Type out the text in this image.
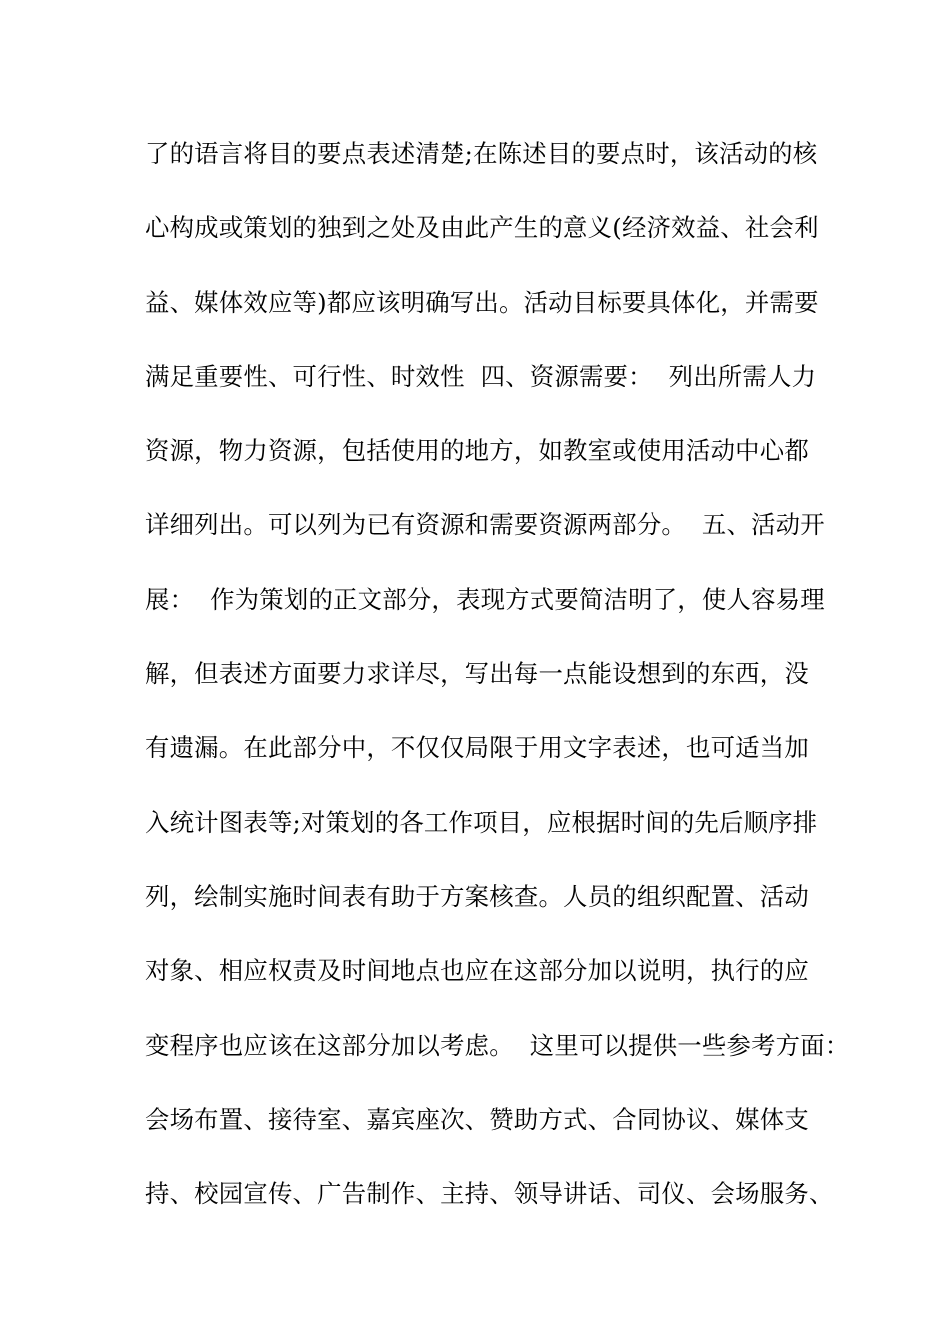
了的语言将目的要点表述清楚;在陈述目的要点时，该活动的核
心构成或策划的独到之处及由此产生的意义(经济效益、社会利
益、媒体效应等)都应该明确写出。活动目标要具体化，并需要
满足重要性、可行性、时效性  四、资源需要：  列出所需人力
资源，物力资源，包括使用的地方，如教室或使用活动中心都
详细列出。可以列为已有资源和需要资源两部分。  五、活动开
展：  作为策划的正文部分，表现方式要简洁明了，使人容易理
解，但表述方面要力求详尽，写出每一点能设想到的东西，没
有遗漏。在此部分中，不仅仅局限于用文字表述，也可适当加
入统计图表等;对策划的各工作项目，应根据时间的先后顺序排
列，绘制实施时间表有助于方案核查。人员的组织配置、活动
对象、相应权责及时间地点也应在这部分加以说明，执行的应
变程序也应该在这部分加以考虑。  这里可以提供一些参考方面：
会场布置、接待室、嘉宾座次、赞助方式、合同协议、媒体支
持、校园宣传、广告制作、主持、领导讲话、司仪、会场服务、
